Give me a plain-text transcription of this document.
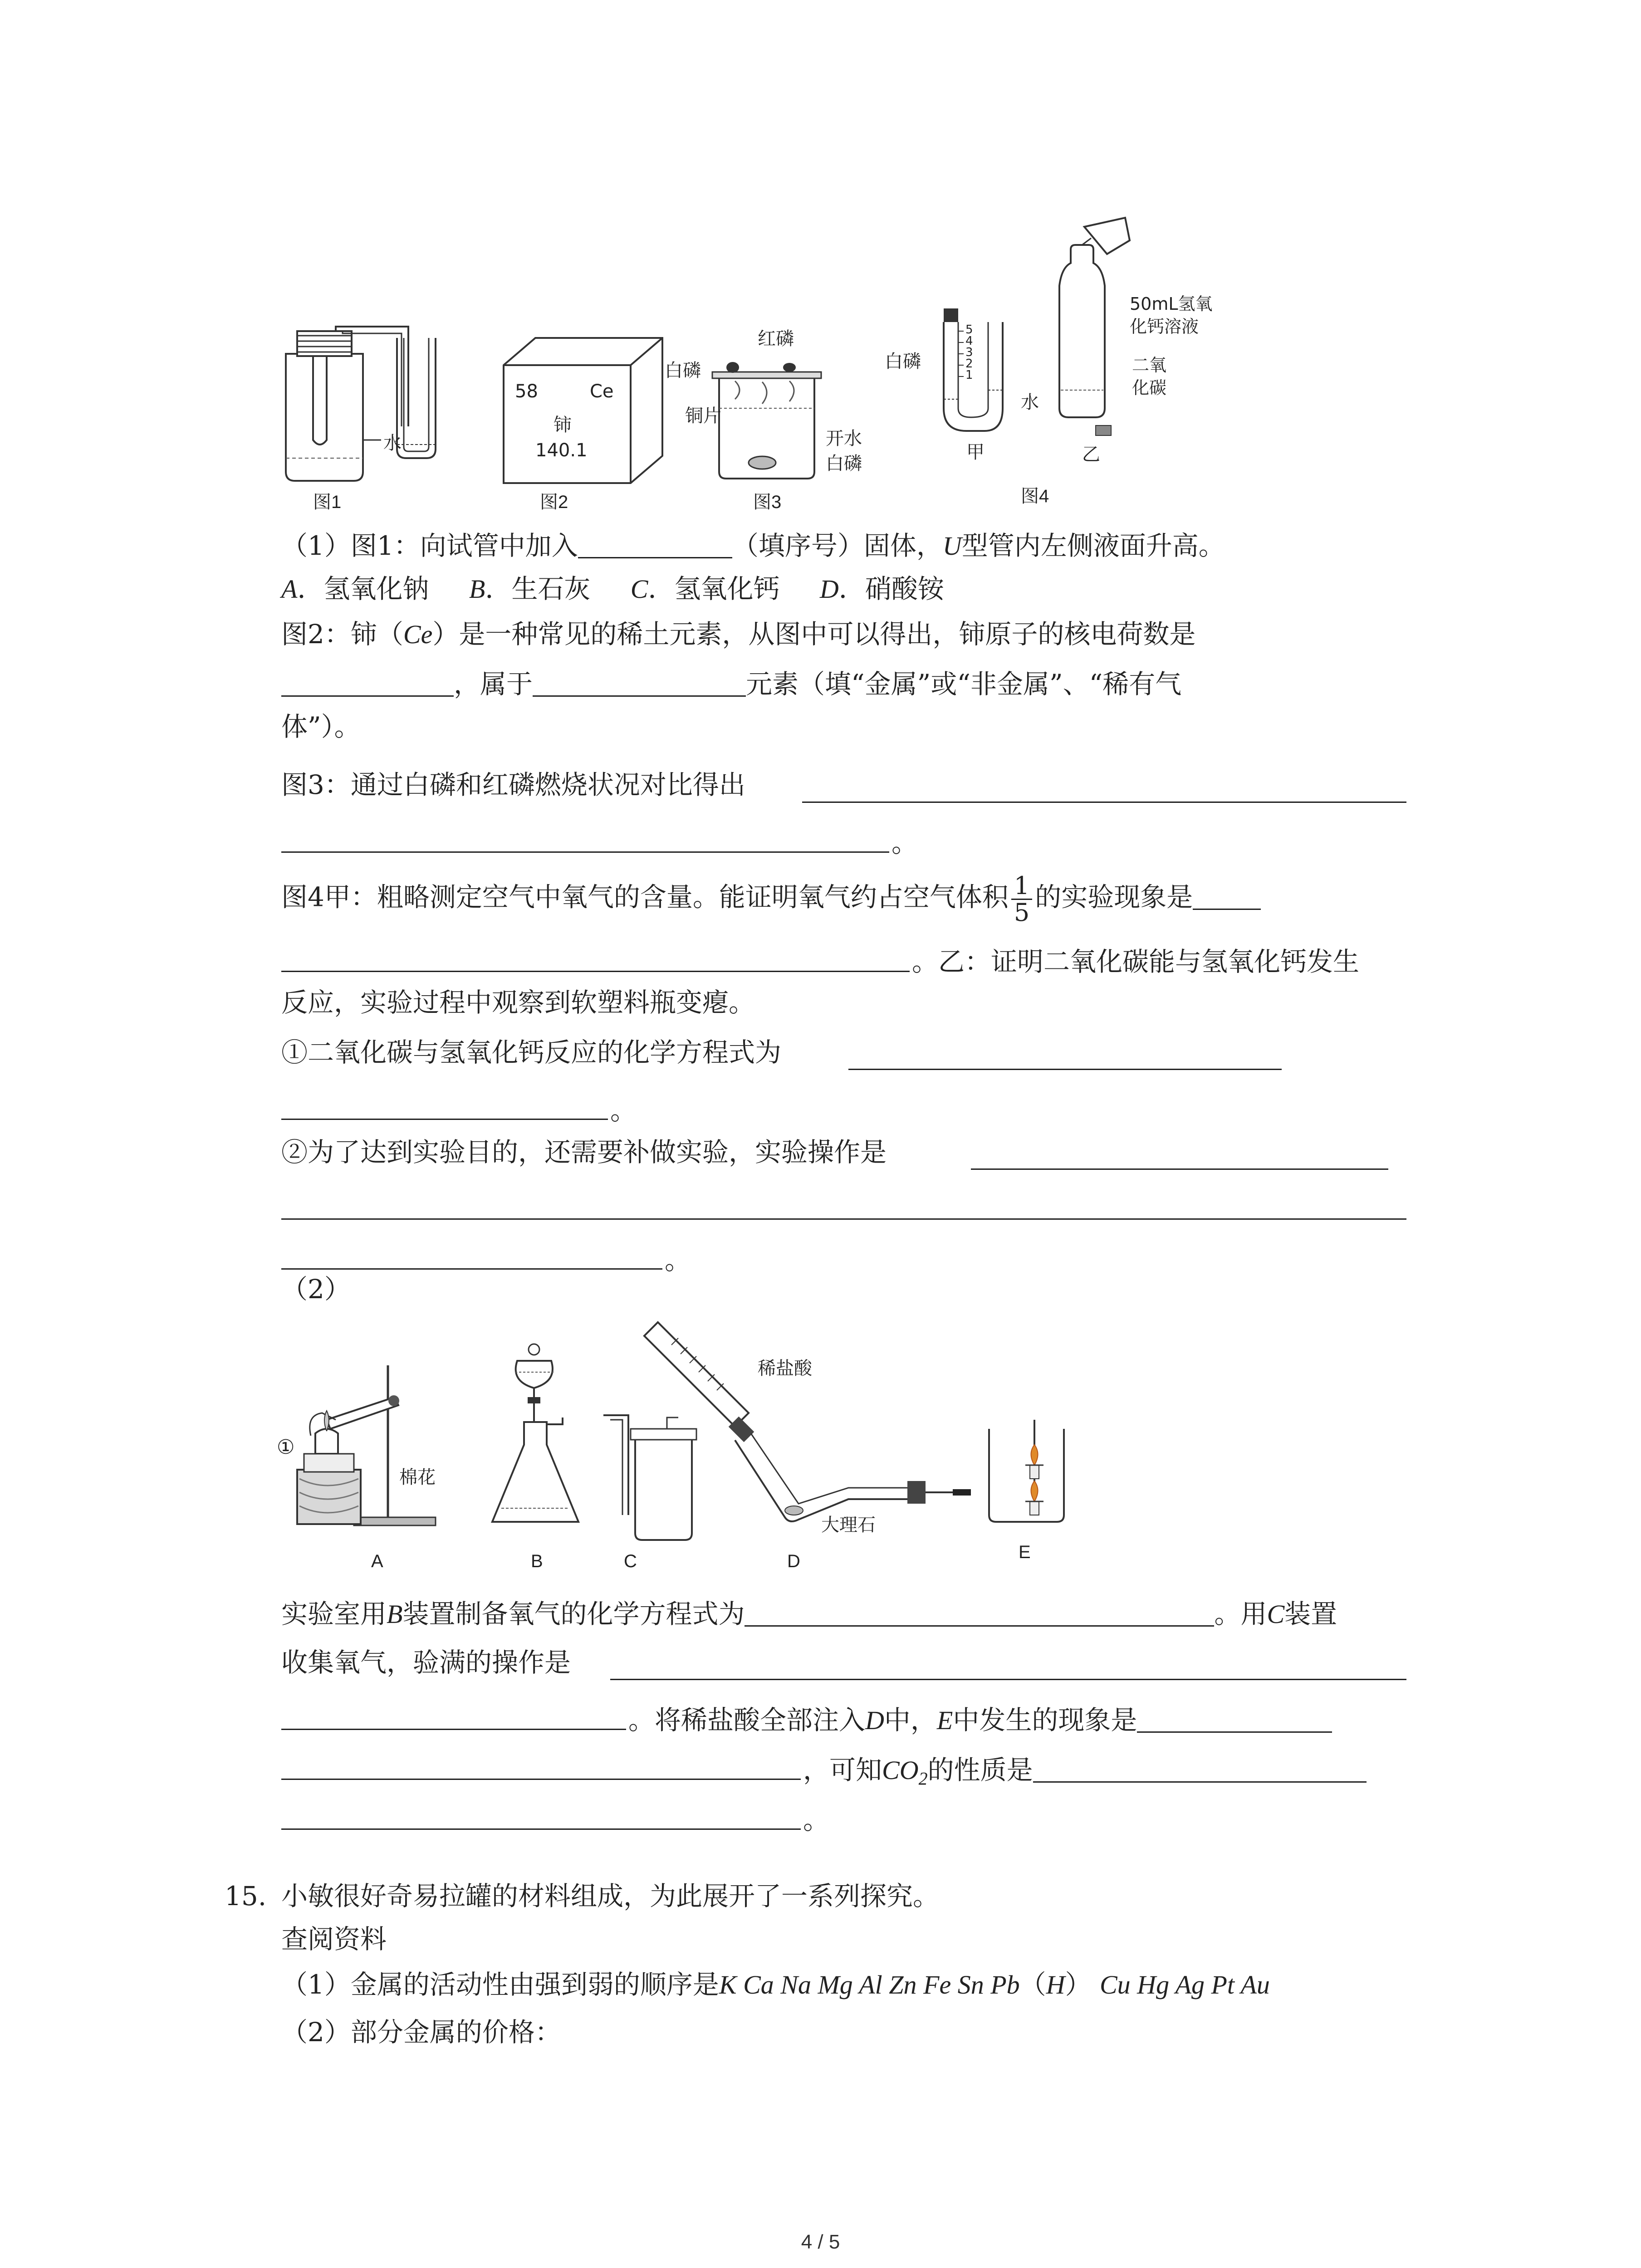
水
图1
58	Ce
铈
140.1
图2
白磷
红磷
铜片
开水
白磷
图3
5
4
3
2
1
白磷
水
50mL氢氧
化钙溶液
二氧
化碳
甲	乙
图4
（1）图1：向试管中加入	（填序号）固体，U型管内左侧液面升高。
A．氢氧化钠 B．生石灰 C．氢氧化钙 D．硝酸铵
图2：铈（Ce）是一种常见的稀土元素，从图中可以得出，铈原子的核电荷数是
，属于	元素（填“金属”或“非金属”、“稀有气
体”）。
图3：通过白磷和红磷燃烧状况对比得出
。
图4甲：粗略测定空气中氧气的含量。能证明氧气约占空气体积 $\frac{1}{5}$ 的实验现象是
。乙：证明二氧化碳能与氢氧化钙发生
反应，实验过程中观察到软塑料瓶变瘪。
①二氧化碳与氢氧化钙反应的化学方程式为
。
②为了达到实验目的，还需要补做实验，实验操作是
。
（2）
①
棉花
A	B	C
稀盐酸
大理石
D	E
实验室用B装置制备氧气的化学方程式为	。用C装置
收集氧气，验满的操作是
。将稀盐酸全部注入D中，E中发生的现象是
，可知$CO_2$的性质是
。
15. 小敏很好奇易拉罐的材料组成，为此展开了一系列探究。
查阅资料
（1）金属的活动性由强到弱的顺序是K Ca Na Mg Al Zn Fe Sn Pb（H） Cu Hg Ag Pt Au
（2）部分金属的价格：
4 / 5
